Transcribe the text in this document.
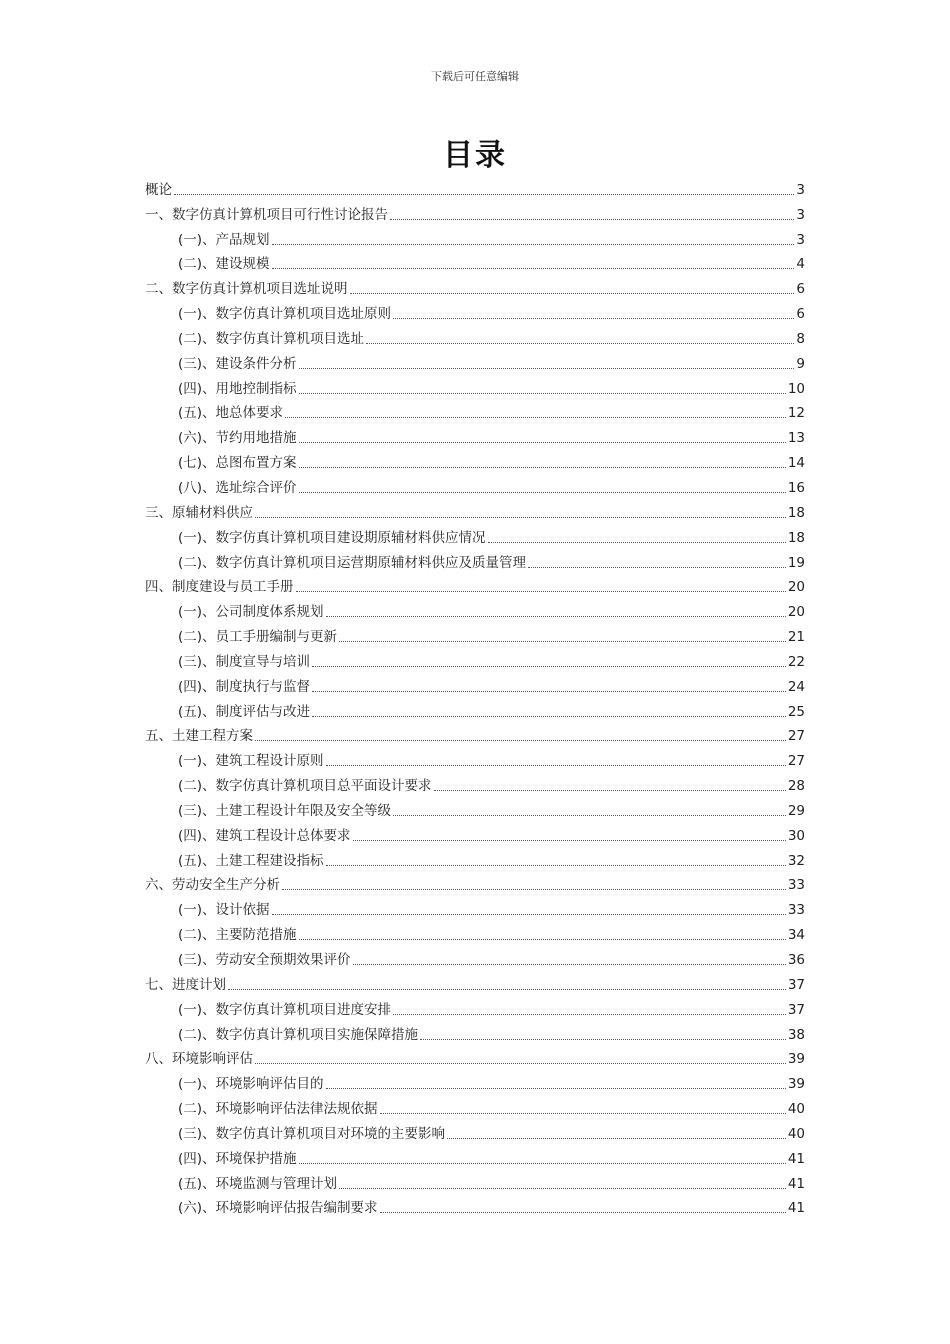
下载后可任意编辑
目录
概论	3
一、数字仿真计算机项目可行性讨论报告	3
(一)、产品规划	3
(二)、建设规模	4
二、数字仿真计算机项目选址说明	6
(一)、数字仿真计算机项目选址原则	6
(二)、数字仿真计算机项目选址	8
(三)、建设条件分析	9
(四)、用地控制指标	10
(五)、地总体要求	12
(六)、节约用地措施	13
(七)、总图布置方案	14
(八)、选址综合评价	16
三、原辅材料供应	18
(一)、数字仿真计算机项目建设期原辅材料供应情况	18
(二)、数字仿真计算机项目运营期原辅材料供应及质量管理	19
四、制度建设与员工手册	20
(一)、公司制度体系规划	20
(二)、员工手册编制与更新	21
(三)、制度宣导与培训	22
(四)、制度执行与监督	24
(五)、制度评估与改进	25
五、土建工程方案	27
(一)、建筑工程设计原则	27
(二)、数字仿真计算机项目总平面设计要求	28
(三)、土建工程设计年限及安全等级	29
(四)、建筑工程设计总体要求	30
(五)、土建工程建设指标	32
六、劳动安全生产分析	33
(一)、设计依据	33
(二)、主要防范措施	34
(三)、劳动安全预期效果评价	36
七、进度计划	37
(一)、数字仿真计算机项目进度安排	37
(二)、数字仿真计算机项目实施保障措施	38
八、环境影响评估	39
(一)、环境影响评估目的	39
(二)、环境影响评估法律法规依据	40
(三)、数字仿真计算机项目对环境的主要影响	40
(四)、环境保护措施	41
(五)、环境监测与管理计划	41
(六)、环境影响评估报告编制要求	41
